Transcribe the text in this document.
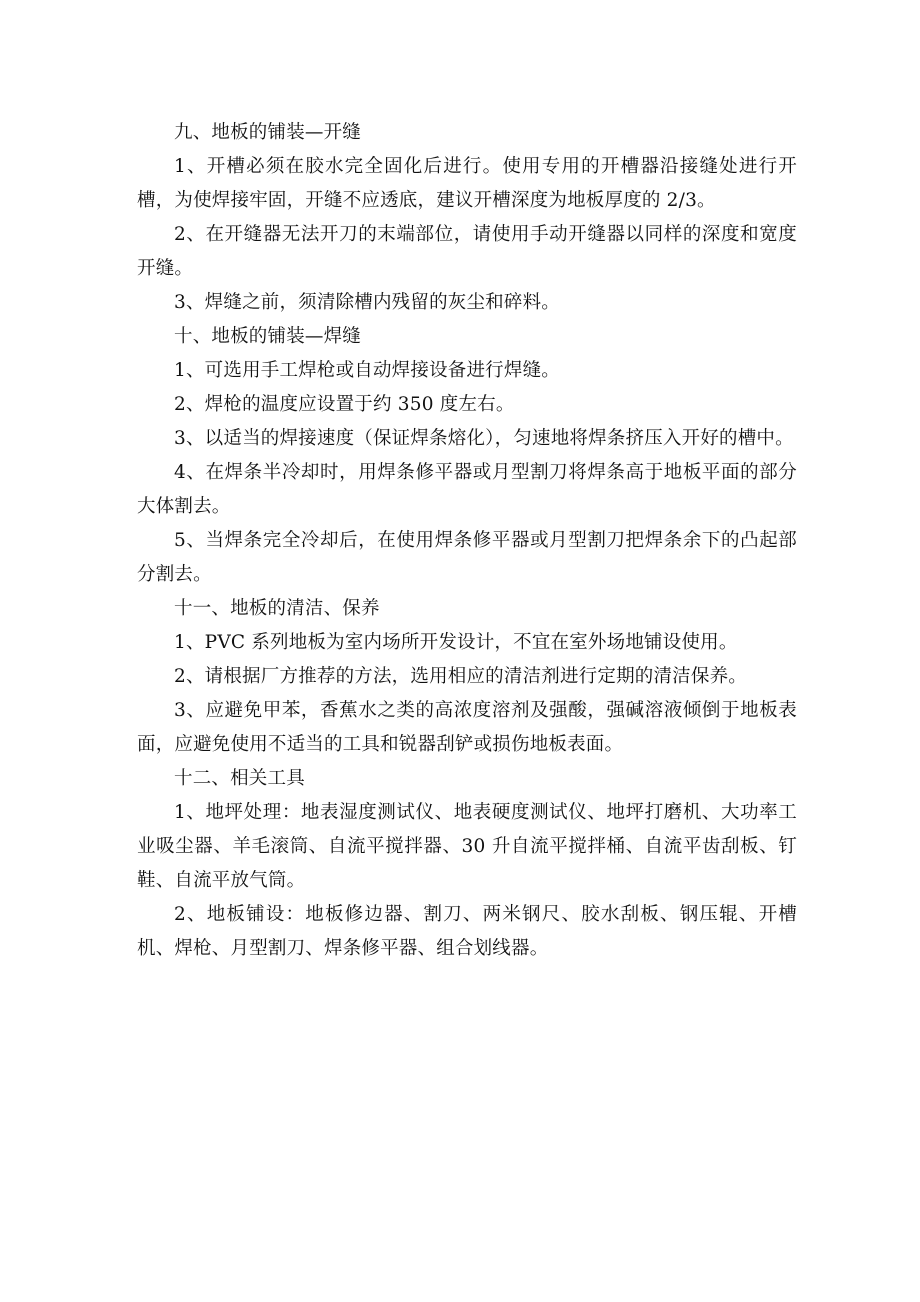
九、地板的铺装—开缝

1、开槽必须在胶水完全固化后进行。使用专用的开槽器沿接缝处进行开槽，为使焊接牢固，开缝不应透底，建议开槽深度为地板厚度的 2/3。

2、在开缝器无法开刀的末端部位，请使用手动开缝器以同样的深度和宽度开缝。

3、焊缝之前，须清除槽内残留的灰尘和碎料。

十、地板的铺装—焊缝

1、可选用手工焊枪或自动焊接设备进行焊缝。

2、焊枪的温度应设置于约 350 度左右。

3、以适当的焊接速度（保证焊条熔化），匀速地将焊条挤压入开好的槽中。

4、在焊条半冷却时，用焊条修平器或月型割刀将焊条高于地板平面的部分大体割去。

5、当焊条完全冷却后，在使用焊条修平器或月型割刀把焊条余下的凸起部分割去。

十一、地板的清洁、保养

1、PVC 系列地板为室内场所开发设计，不宜在室外场地铺设使用。

2、请根据厂方推荐的方法，选用相应的清洁剂进行定期的清洁保养。

3、应避免甲苯，香蕉水之类的高浓度溶剂及强酸，强碱溶液倾倒于地板表面，应避免使用不适当的工具和锐器刮铲或损伤地板表面。

十二、相关工具

1、地坪处理：地表湿度测试仪、地表硬度测试仪、地坪打磨机、大功率工业吸尘器、羊毛滚筒、自流平搅拌器、30 升自流平搅拌桶、自流平齿刮板、钉鞋、自流平放气筒。

2、地板铺设：地板修边器、割刀、两米钢尺、胶水刮板、钢压辊、开槽机、焊枪、月型割刀、焊条修平器、组合划线器。
